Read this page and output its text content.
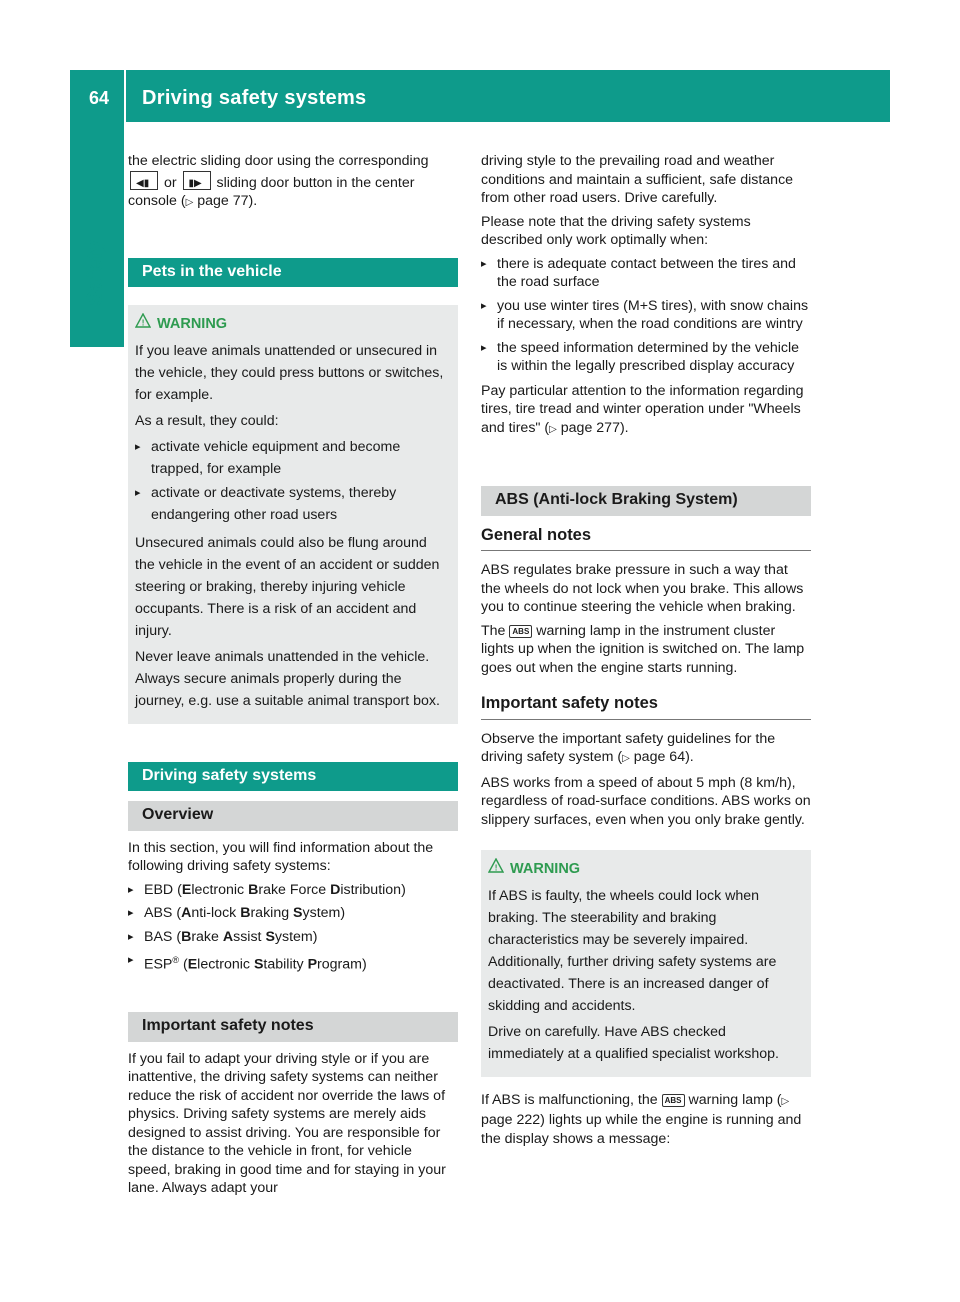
64	Driving safety systems
Safety

the electric sliding door using the corresponding
◀▮ or ▮▶ sliding door button in the center console (▷ page 77).

Pets in the vehicle
! WARNING

If you leave animals unattended or unsecured in the vehicle, they could press buttons or switches, for example.

As a result, they could:

▸ activate vehicle equipment and become trapped, for example
▸ activate or deactivate systems, thereby endangering other road users

Unsecured animals could also be flung around the vehicle in the event of an accident or sudden steering or braking, thereby injuring vehicle occupants. There is a risk of an accident and injury.

Never leave animals unattended in the vehicle. Always secure animals properly during the journey, e.g. use a suitable animal transport box.

Driving safety systems
Overview

In this section, you will find information about the following driving safety systems:

▸ EBD (Electronic Brake Force Distribution)
▸ ABS (Anti-lock Braking System)
▸ BAS (Brake Assist System)
▸ ESP® (Electronic Stability Program)
Important safety notes

If you fail to adapt your driving style or if you are inattentive, the driving safety systems can neither reduce the risk of accident nor override the laws of physics. Driving safety systems are merely aids designed to assist driving. You are responsible for the distance to the vehicle in front, for vehicle speed, braking in good time and for staying in your lane. Always adapt your

driving style to the prevailing road and weather conditions and maintain a sufficient, safe distance from other road users. Drive carefully.

Please note that the driving safety systems described only work optimally when:

▸ there is adequate contact between the tires and the road surface
▸ you use winter tires (M+S tires), with snow chains if necessary, when the road conditions are wintry
▸ the speed information determined by the vehicle is within the legally prescribed display accuracy

Pay particular attention to the information regarding tires, tire tread and winter operation under "Wheels and tires" (▷ page 277).

ABS (Anti-lock Braking System)
General notes

ABS regulates brake pressure in such a way that the wheels do not lock when you brake. This allows you to continue steering the vehicle when braking.

The ABS warning lamp in the instrument cluster lights up when the ignition is switched on. The lamp goes out when the engine starts running.

Important safety notes

Observe the important safety guidelines for the driving safety system (▷ page 64).

ABS works from a speed of about 5 mph (8 km/h), regardless of road-surface conditions. ABS works on slippery surfaces, even when you only brake gently.

! WARNING

If ABS is faulty, the wheels could lock when braking. The steerability and braking characteristics may be severely impaired. Additionally, further driving safety systems are deactivated. There is an increased danger of skidding and accidents.

Drive on carefully. Have ABS checked immediately at a qualified specialist workshop.

If ABS is malfunctioning, the ABS warning lamp (▷ page 222) lights up while the engine is running and the display shows a message:
